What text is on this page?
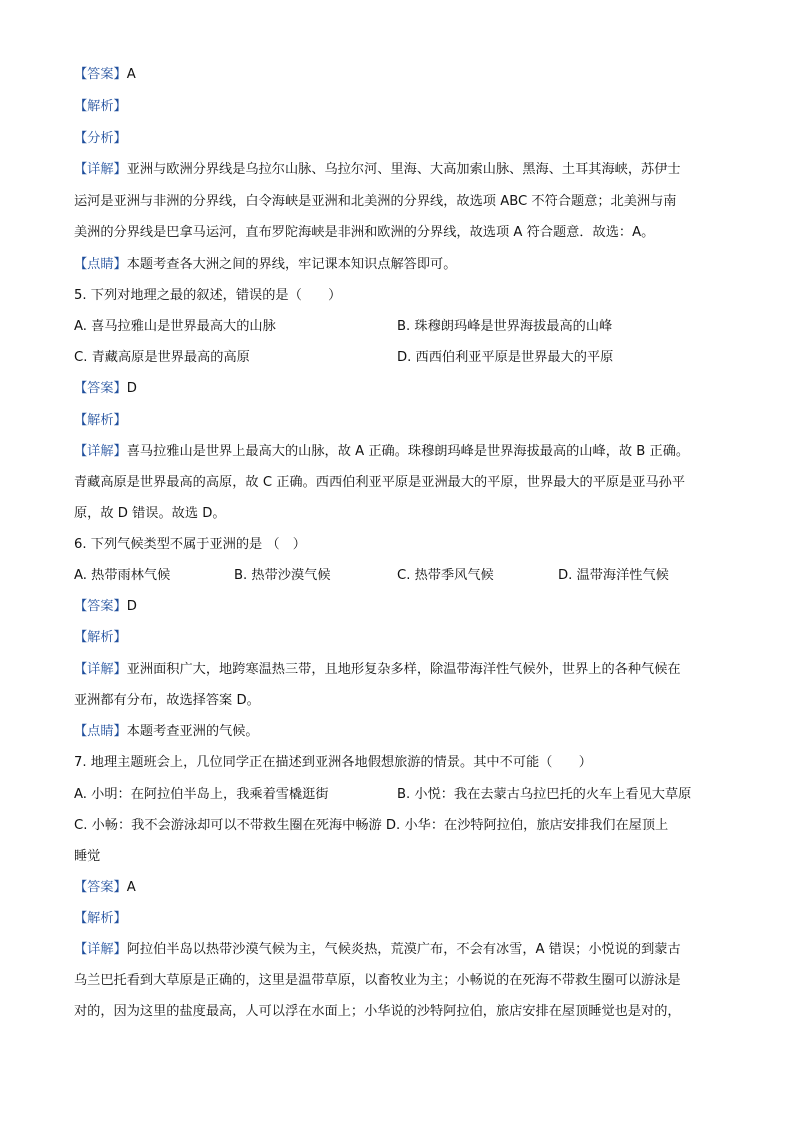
【答案】A
【解析】
【分析】
【详解】亚洲与欧洲分界线是乌拉尔山脉、乌拉尔河、里海、大高加索山脉、黑海、土耳其海峡，苏伊士
运河是亚洲与非洲的分界线，白令海峡是亚洲和北美洲的分界线，故选项 ABC 不符合题意；北美洲与南
美洲的分界线是巴拿马运河，直布罗陀海峡是非洲和欧洲的分界线，故选项 A 符合题意．故选：A。
【点睛】本题考查各大洲之间的界线，牢记课本知识点解答即可。
5. 下列对地理之最的叙述，错误的是（　　）
A. 喜马拉雅山是世界最高大的山脉	B. 珠穆朗玛峰是世界海拔最高的山峰
C. 青藏高原是世界最高的高原	D. 西西伯利亚平原是世界最大的平原
【答案】D
【解析】
【详解】喜马拉雅山是世界上最高大的山脉，故 A 正确。珠穆朗玛峰是世界海拔最高的山峰，故 B 正确。
青藏高原是世界最高的高原，故 C 正确。西西伯利亚平原是亚洲最大的平原，世界最大的平原是亚马孙平
原，故 D 错误。故选 D。
6. 下列气候类型不属于亚洲的是 （　）
A. 热带雨林气候	B. 热带沙漠气候	C. 热带季风气候	D. 温带海洋性气候
【答案】D
【解析】
【详解】亚洲面积广大，地跨寒温热三带，且地形复杂多样，除温带海洋性气候外，世界上的各种气候在
亚洲都有分布，故选择答案 D。
【点睛】本题考查亚洲的气候。
7. 地理主题班会上，几位同学正在描述到亚洲各地假想旅游的情景。其中不可能（　　）
A. 小明：在阿拉伯半岛上，我乘着雪橇逛街	B. 小悦：我在去蒙古乌拉巴托的火车上看见大草原
C. 小畅：我不会游泳却可以不带救生圈在死海中畅游 D. 小华：在沙特阿拉伯，旅店安排我们在屋顶上
睡觉
【答案】A
【解析】
【详解】阿拉伯半岛以热带沙漠气候为主，气候炎热，荒漠广布，不会有冰雪，A 错误；小悦说的到蒙古
乌兰巴托看到大草原是正确的，这里是温带草原，以畜牧业为主；小畅说的在死海不带救生圈可以游泳是
对的，因为这里的盐度最高，人可以浮在水面上；小华说的沙特阿拉伯，旅店安排在屋顶睡觉也是对的，
